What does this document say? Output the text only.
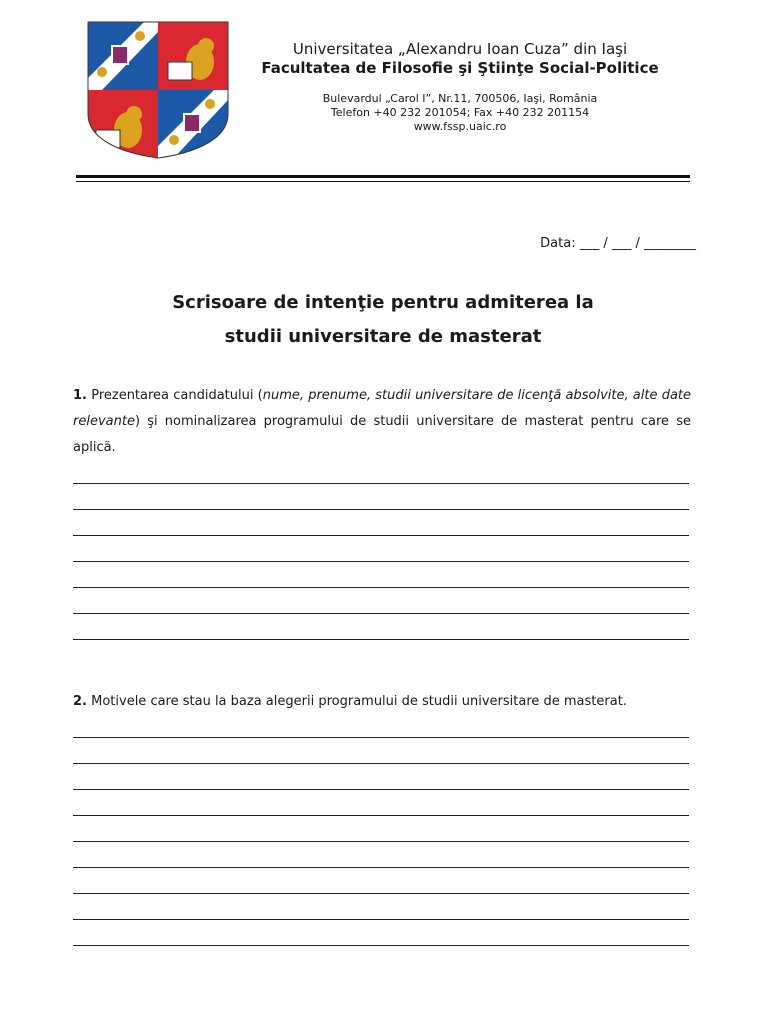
Universitatea „Alexandru Ioan Cuza” din Iaşi

Facultatea de Filosofie şi Ştiinţe Social-Politice

Bulevardul „Carol I”, Nr.11, 700506, Iaşi, România

Telefon +40 232 201054; Fax +40 232 201154

www.fssp.uaic.ro

Data: ___ / ___ / ________
Scrisoare de intenţie pentru admiterea la
studii universitare de masterat
1. Prezentarea candidatului (nume, prenume, studii universitare de licenţă absolvite, alte date relevante) şi nominalizarea programului de studii universitare de masterat pentru care se aplică.
2. Motivele care stau la baza alegerii programului de studii universitare de masterat.
